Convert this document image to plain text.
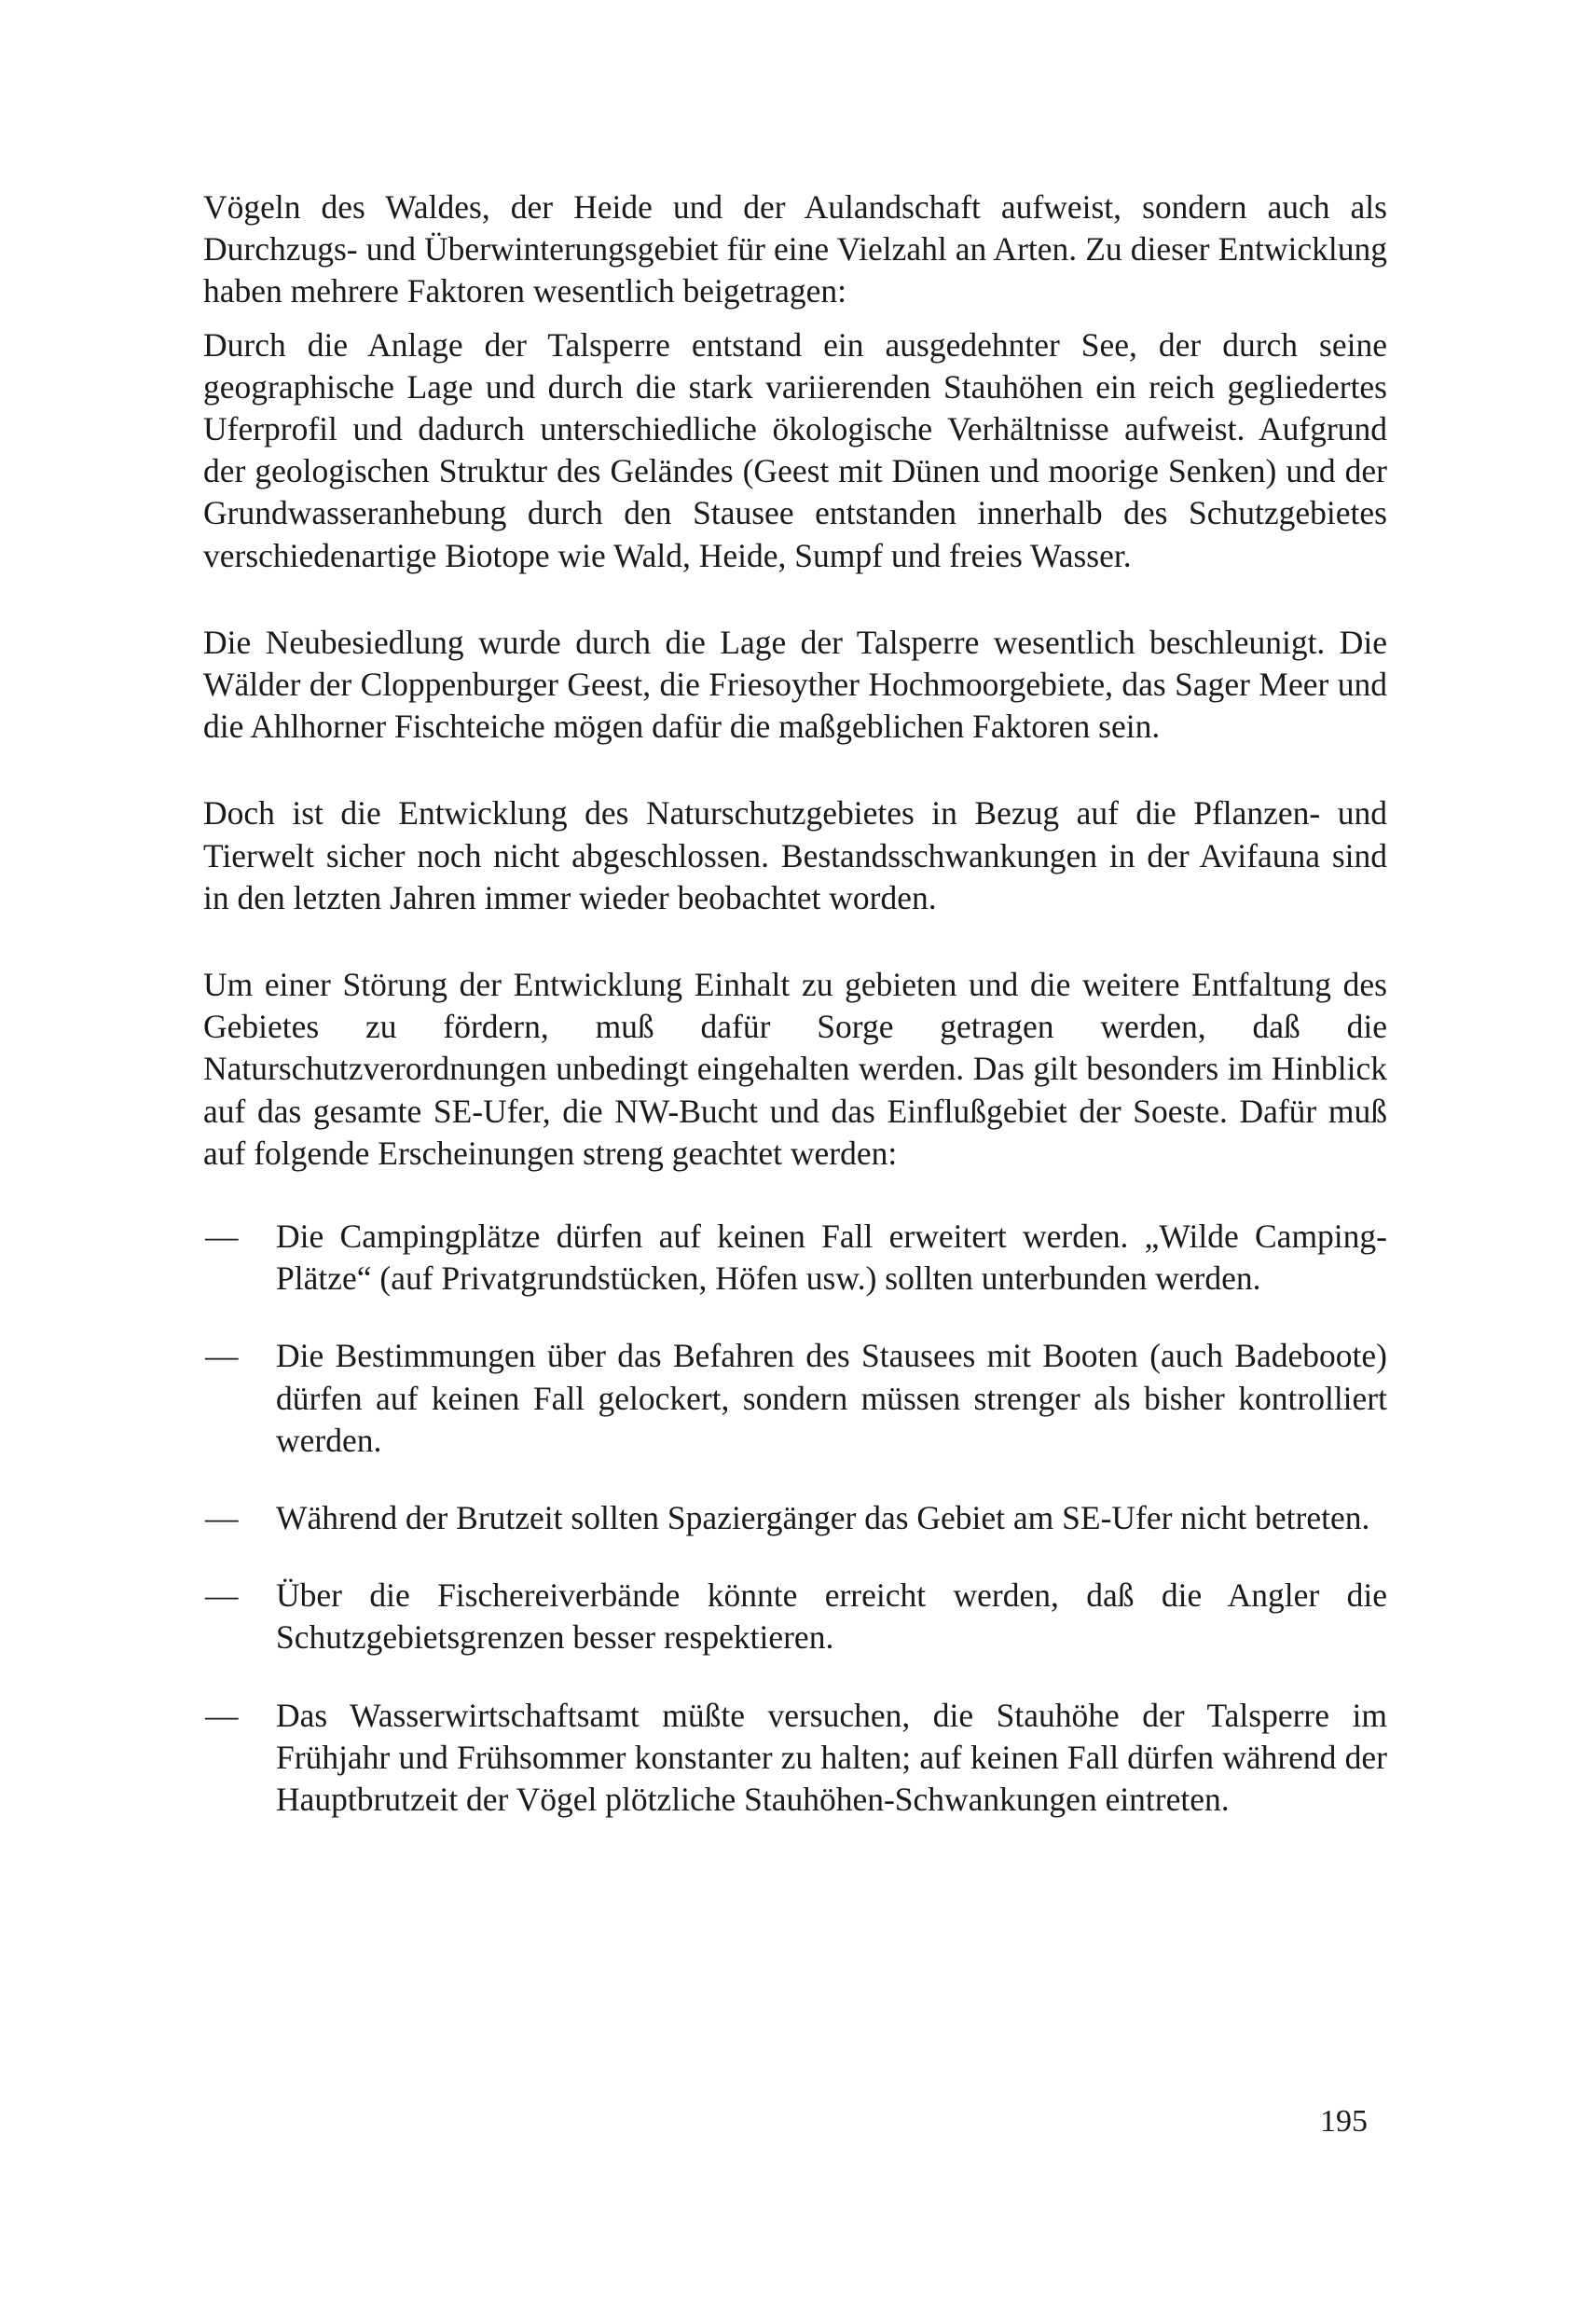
Vögeln des Waldes, der Heide und der Aulandschaft aufweist, sondern auch als Durchzugs- und Überwinterungsgebiet für eine Vielzahl an Arten. Zu dieser Entwicklung haben mehrere Faktoren wesentlich beigetragen:

Durch die Anlage der Talsperre entstand ein ausgedehnter See, der durch seine geographische Lage und durch die stark variierenden Stauhöhen ein reich gegliedertes Uferprofil und dadurch unterschiedliche ökologische Verhältnisse aufweist. Aufgrund der geologischen Struktur des Geländes (Geest mit Dünen und moorige Senken) und der Grundwasseranhebung durch den Stausee entstanden innerhalb des Schutzgebietes verschiedenartige Biotope wie Wald, Heide, Sumpf und freies Wasser.

Die Neubesiedlung wurde durch die Lage der Talsperre wesentlich beschleunigt. Die Wälder der Cloppenburger Geest, die Friesoyther Hochmoorgebiete, das Sager Meer und die Ahlhorner Fischteiche mögen dafür die maßgeblichen Faktoren sein.

Doch ist die Entwicklung des Naturschutzgebietes in Bezug auf die Pflanzen- und Tierwelt sicher noch nicht abgeschlossen. Bestandsschwankungen in der Avifauna sind in den letzten Jahren immer wieder beobachtet worden.

Um einer Störung der Entwicklung Einhalt zu gebieten und die weitere Entfaltung des Gebietes zu fördern, muß dafür Sorge getragen werden, daß die Naturschutzverordnungen unbedingt eingehalten werden. Das gilt besonders im Hinblick auf das gesamte SE-Ufer, die NW-Bucht und das Einflußgebiet der Soeste. Dafür muß auf folgende Erscheinungen streng geachtet werden:

—	Die Campingplätze dürfen auf keinen Fall erweitert werden. „Wilde Camping-Plätze“ (auf Privatgrundstücken, Höfen usw.) sollten unterbunden werden.
—	Die Bestimmungen über das Befahren des Stausees mit Booten (auch Badeboote) dürfen auf keinen Fall gelockert, sondern müssen strenger als bisher kontrolliert werden.
—	Während der Brutzeit sollten Spaziergänger das Gebiet am SE-Ufer nicht betreten.
—	Über die Fischereiverbände könnte erreicht werden, daß die Angler die Schutzgebietsgrenzen besser respektieren.
—	Das Wasserwirtschaftsamt müßte versuchen, die Stauhöhe der Talsperre im Frühjahr und Frühsommer konstanter zu halten; auf keinen Fall dürfen während der Hauptbrutzeit der Vögel plötzliche Stauhöhen-Schwankungen eintreten.
195
